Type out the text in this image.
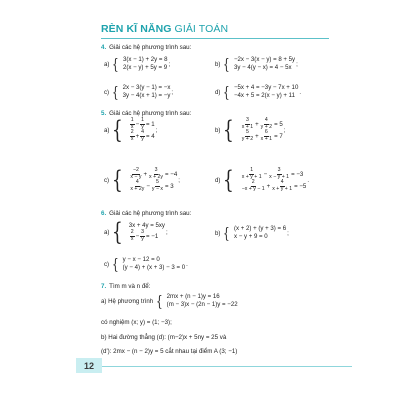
RÈN KĨ NĂNG GIẢI TOÁN
4. Giải các hệ phương trình sau:
a) { 3(x − 1) + 2y = 8
2(x − y) + 5y = 9 ;	b) { −2x − 3(x − y) = 8 + 5y
3y − 4(y − x) = 4 − 5x ;
c) { 2x − 3(y − 1) = −x
3y − 4(x + 1) = −y ;	d) { −5x + 4 = −3y − 7x + 10
−4x + 5 = 2(x − y) + 11 .
5. Giải các hệ phương trình sau:
a) { $\frac{1}{x} - \frac{1}{y} = 1$
$\frac{2}{x} + \frac{4}{y} = 4$
;	b) { $\frac{3}{x + 1} + \frac{4}{y + 2} = 5$
$\frac{5}{y + 2} + \frac{6}{x + 1} = 7$
;
c) { $\frac{-2}{x - y} + \frac{3}{x + 2y} = -4$
$\frac{4}{x + 2y} - \frac{5}{y - x} = 3$
;	d) { $\frac{1}{x + y + 1} - \frac{3}{x - y + 1} = -3$
$\frac{2}{-x + y - 1} + \frac{4}{x + y + 1} = -5$
.
6. Giải các hệ phương trình sau:
a) { 3x + 4y = 5xy
$\frac{2}{x} - \frac{3}{y} = -1$
;	b) { (x + 2) + (y + 3) = 6
x − y + 9 = 0	;
c) { y − x − 12 = 0
(y − 4) + (x + 3) − 3 = 0 .
7. Tìm m và n để:
a) Hệ phương trình { 2mx + (n − 1)y = 16
(m − 3)x − (2n − 1)y = −22
có nghiệm (x; y) = (1; −3);
b) Hai đường thẳng (d): (m−2)x + 5ny = 25 và
(d'): 2mx − (n − 2)y = 5 cắt nhau tại điểm A (3; −1)
12
